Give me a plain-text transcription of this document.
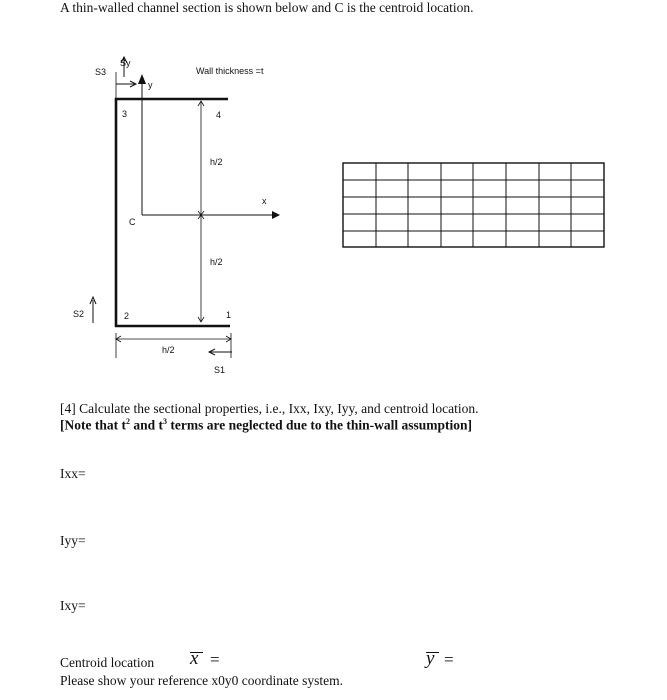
A thin-walled channel section is shown below and C is the centroid location.
S3
Sy
y
Wall thickness =t
3	4
h/2
x
C
h/2
S2	2	1
h/2
S1
[4] Calculate the sectional properties, i.e., Ixx, Ixy, Iyy, and centroid location.
[Note that $t^2$ and $t^3$ terms are neglected due to the thin-wall assumption]
Ixx=
Iyy=
Ixy=
Centroid location x =	y =
Please show your reference x0y0 coordinate system.
